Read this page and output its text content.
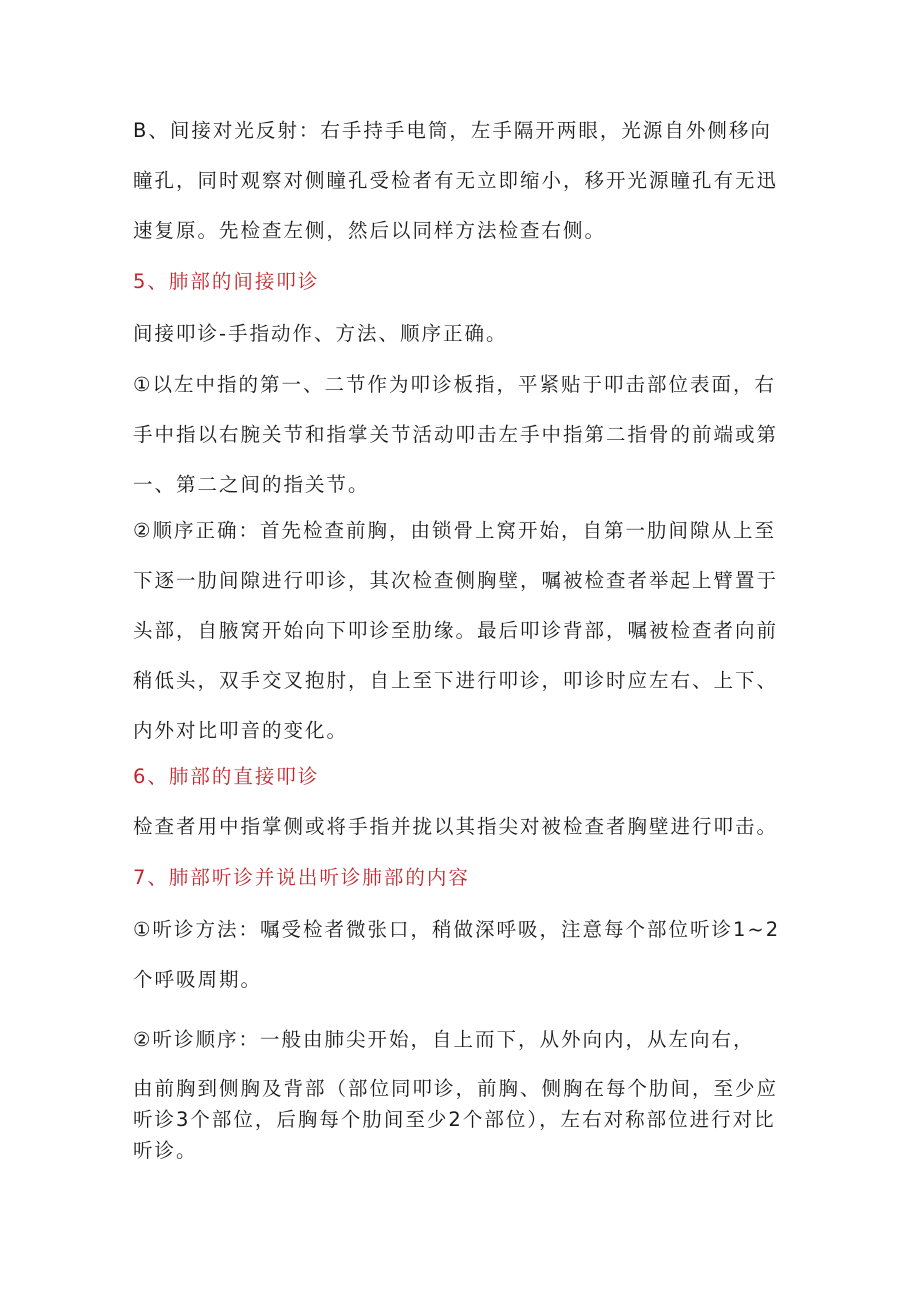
B、间接对光反射：右手持手电筒，左手隔开两眼，光源自外侧移向瞳孔，同时观察对侧瞳孔受检者有无立即缩小，移开光源瞳孔有无迅速复原。先检查左侧，然后以同样方法检查右侧。

5、肺部的间接叩诊

间接叩诊-手指动作、方法、顺序正确。

①以左中指的第一、二节作为叩诊板指，平紧贴于叩击部位表面，右手中指以右腕关节和指掌关节活动叩击左手中指第二指骨的前端或第一、第二之间的指关节。

②顺序正确：首先检查前胸，由锁骨上窝开始，自第一肋间隙从上至下逐一肋间隙进行叩诊，其次检查侧胸壁，嘱被检查者举起上臂置于头部，自腋窝开始向下叩诊至肋缘。最后叩诊背部，嘱被检查者向前稍低头，双手交叉抱肘，自上至下进行叩诊，叩诊时应左右、上下、内外对比叩音的变化。

6、肺部的直接叩诊

检查者用中指掌侧或将手指并拢以其指尖对被检查者胸壁进行叩击。

7、肺部听诊并说出听诊肺部的内容

①听诊方法：嘱受检者微张口，稍做深呼吸，注意每个部位听诊1~2个呼吸周期。

②听诊顺序：一般由肺尖开始，自上而下，从外向内，从左向右，

由前胸到侧胸及背部（部位同叩诊，前胸、侧胸在每个肋间，至少应听诊3个部位，后胸每个肋间至少2个部位），左右对称部位进行对比听诊。
